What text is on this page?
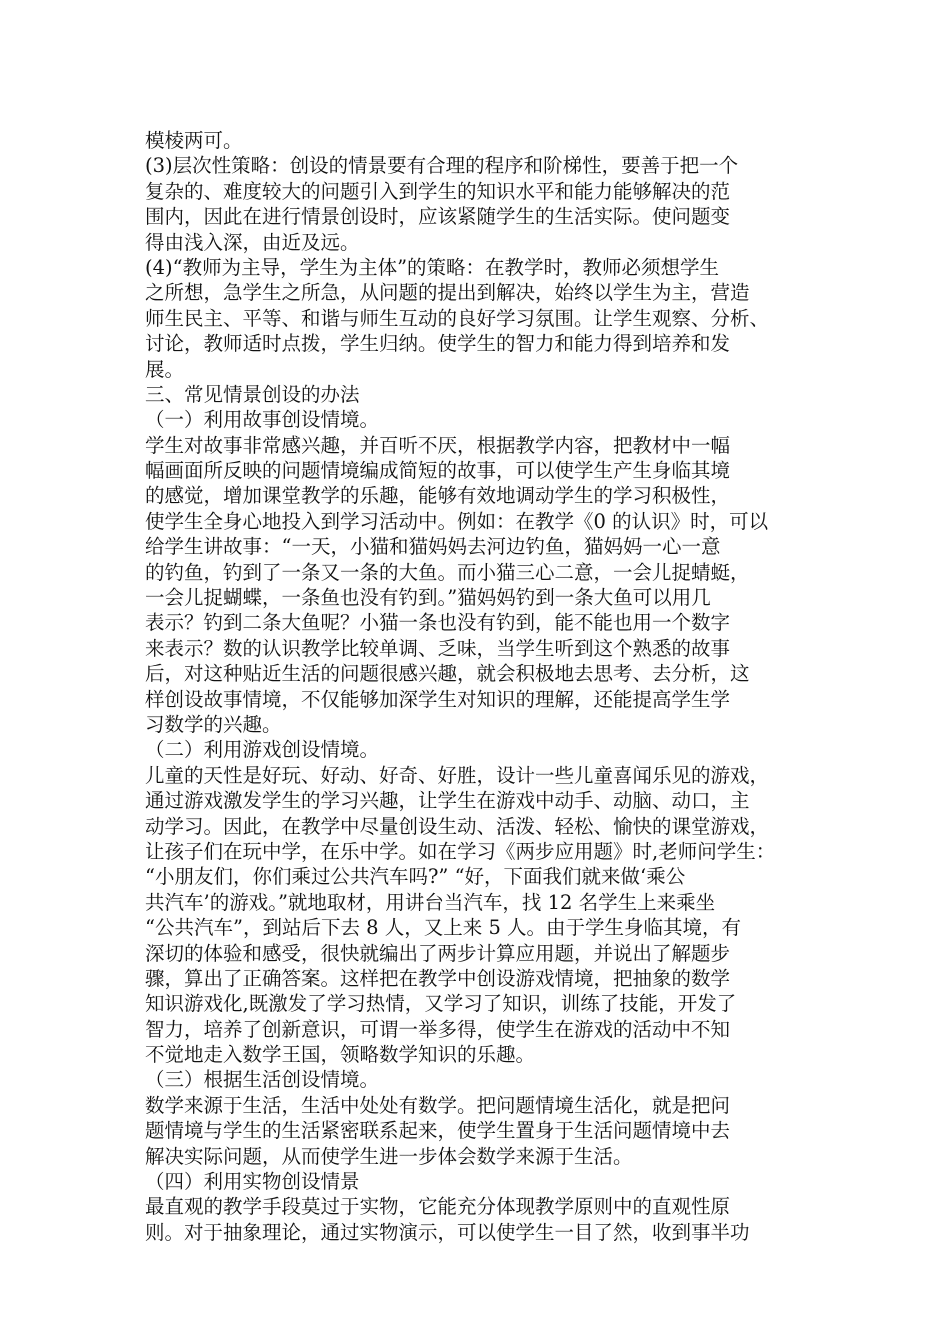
模棱两可。
(3)层次性策略：创设的情景要有合理的程序和阶梯性，要善于把一个
复杂的、难度较大的问题引入到学生的知识水平和能力能够解决的范
围内，因此在进行情景创设时，应该紧随学生的生活实际。使问题变
得由浅入深，由近及远。
(4)“教师为主导，学生为主体”的策略：在教学时，教师必须想学生
之所想，急学生之所急，从问题的提出到解决，始终以学生为主，营造
师生民主、平等、和谐与师生互动的良好学习氛围。让学生观察、分析、
讨论，教师适时点拨，学生归纳。使学生的智力和能力得到培养和发
展。
三、常见情景创设的办法
（一）利用故事创设情境。
学生对故事非常感兴趣，并百听不厌，根据教学内容，把教材中一幅
幅画面所反映的问题情境编成简短的故事，可以使学生产生身临其境
的感觉，增加课堂教学的乐趣，能够有效地调动学生的学习积极性，
使学生全身心地投入到学习活动中。例如：在教学《0 的认识》时，可以
给学生讲故事：“一天，小猫和猫妈妈去河边钓鱼，猫妈妈一心一意
的钓鱼，钓到了一条又一条的大鱼。而小猫三心二意，一会儿捉蜻蜓，
一会儿捉蝴蝶，一条鱼也没有钓到。”猫妈妈钓到一条大鱼可以用几
表示？钓到二条大鱼呢？小猫一条也没有钓到，能不能也用一个数字
来表示？数的认识教学比较单调、乏味，当学生听到这个熟悉的故事
后，对这种贴近生活的问题很感兴趣，就会积极地去思考、去分析，这
样创设故事情境，不仅能够加深学生对知识的理解，还能提高学生学
习数学的兴趣。
（二）利用游戏创设情境。
儿童的天性是好玩、好动、好奇、好胜，设计一些儿童喜闻乐见的游戏，
通过游戏激发学生的学习兴趣，让学生在游戏中动手、动脑、动口，主
动学习。因此，在教学中尽量创设生动、活泼、轻松、愉快的课堂游戏，
让孩子们在玩中学，在乐中学。如在学习《两步应用题》时,老师问学生：
“小朋友们，你们乘过公共汽车吗?” “好，下面我们就来做‘乘公
共汽车’的游戏。”就地取材，用讲台当汽车，找 12 名学生上来乘坐
“公共汽车”，到站后下去 8 人，又上来 5 人。由于学生身临其境，有
深切的体验和感受，很快就编出了两步计算应用题，并说出了解题步
骤，算出了正确答案。这样把在教学中创设游戏情境，把抽象的数学
知识游戏化,既激发了学习热情，又学习了知识，训练了技能，开发了
智力，培养了创新意识，可谓一举多得，使学生在游戏的活动中不知
不觉地走入数学王国，领略数学知识的乐趣。
（三）根据生活创设情境。
数学来源于生活，生活中处处有数学。把问题情境生活化，就是把问
题情境与学生的生活紧密联系起来，使学生置身于生活问题情境中去
解决实际问题，从而使学生进一步体会数学来源于生活。
（四）利用实物创设情景
最直观的教学手段莫过于实物，它能充分体现教学原则中的直观性原
则。对于抽象理论，通过实物演示，可以使学生一目了然，收到事半功
